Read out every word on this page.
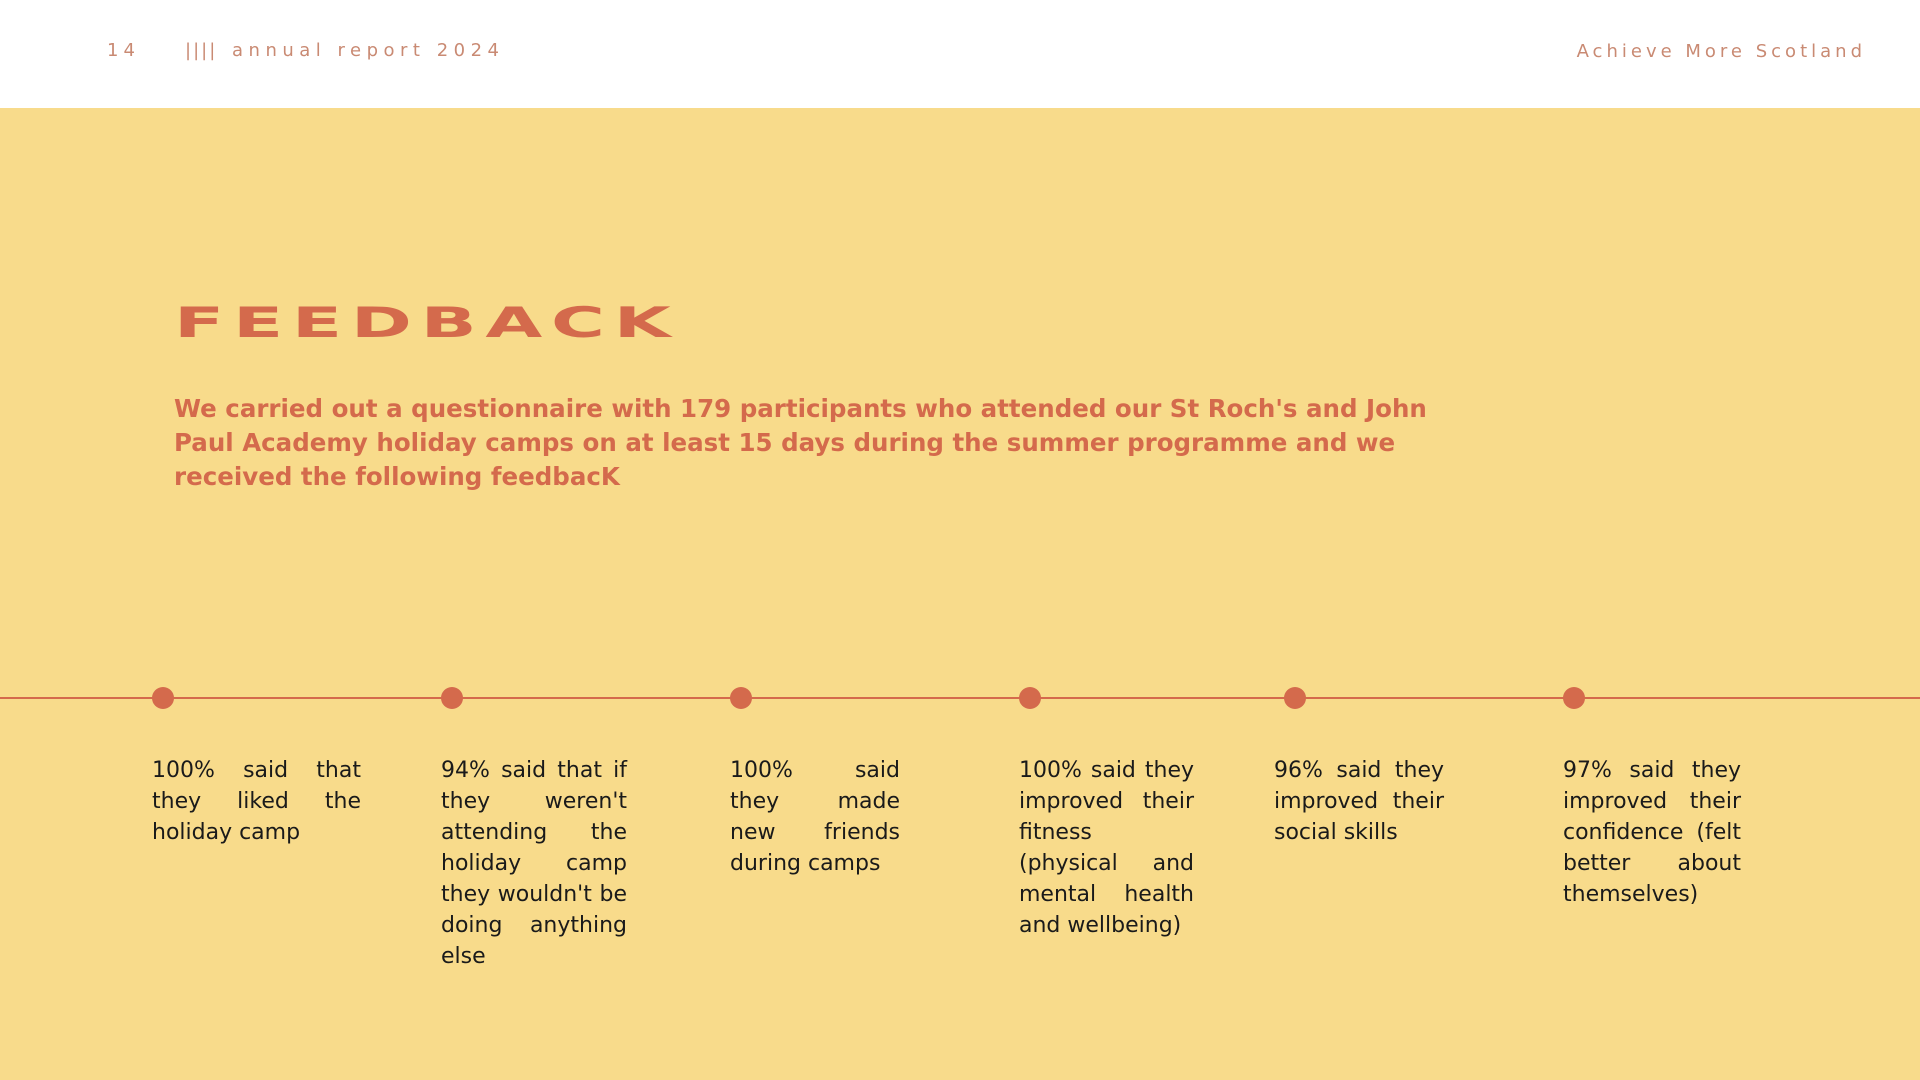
14	|||| annual report 2024	Achieve More Scotland
FEEDBACK

We carried out a questionnaire with 179 participants who attended our St Roch's and John Paul Academy holiday camps on at least 15 days during the summer programme and we received the following feedbacK

100% said that they liked the holiday camp

94% said that if they weren't attending the holiday camp they wouldn't be doing anything else

100% said they made new friends during camps

100% said they improved their fitness (physical and mental health and wellbeing)

96% said they improved their social skills

97% said they improved their confidence (felt better about themselves)
